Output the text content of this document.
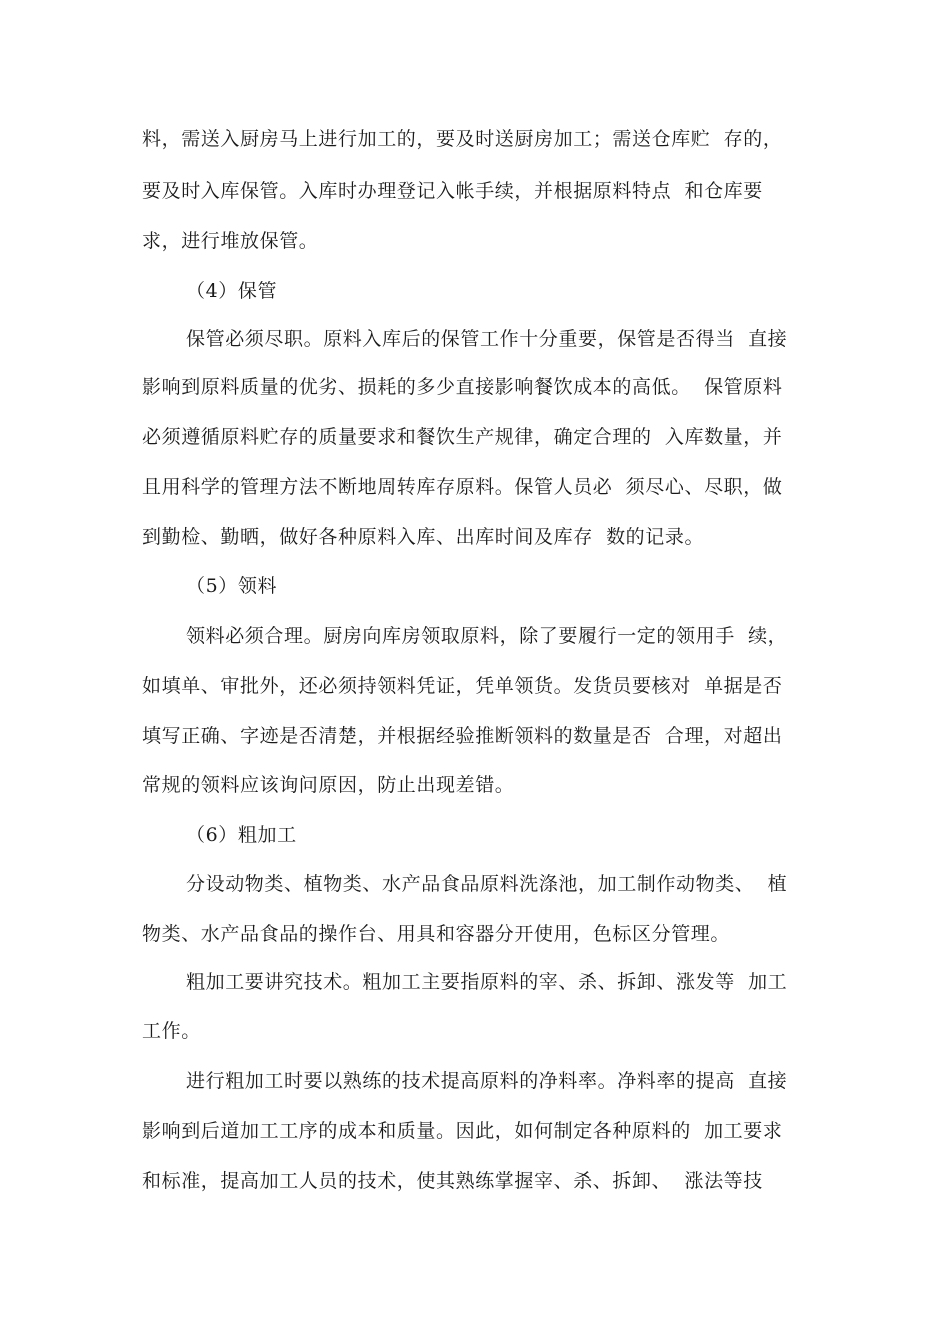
料，需送入厨房马上进行加工的，要及时送厨房加工；需送仓库贮  存的，
要及时入库保管。入库时办理登记入帐手续，并根据原料特点  和仓库要
求，进行堆放保管。
（4）保管
保管必须尽职。原料入库后的保管工作十分重要，保管是否得当  直接
影响到原料质量的优劣、损耗的多少直接影响餐饮成本的高低。  保管原料
必须遵循原料贮存的质量要求和餐饮生产规律，确定合理的  入库数量，并
且用科学的管理方法不断地周转库存原料。保管人员必  须尽心、尽职，做
到勤检、勤晒，做好各种原料入库、出库时间及库存  数的记录。
（5）领料
领料必须合理。厨房向库房领取原料，除了要履行一定的领用手  续，
如填单、审批外，还必须持领料凭证，凭单领货。发货员要核对  单据是否
填写正确、字迹是否清楚，并根据经验推断领料的数量是否  合理，对超出
常规的领料应该询问原因，防止出现差错。
（6）粗加工
分设动物类、植物类、水产品食品原料洗涤池，加工制作动物类、  植
物类、水产品食品的操作台、用具和容器分开使用，色标区分管理。
粗加工要讲究技术。粗加工主要指原料的宰、杀、拆卸、涨发等  加工
工作。
进行粗加工时要以熟练的技术提高原料的净料率。净料率的提高  直接
影响到后道加工工序的成本和质量。因此，如何制定各种原料的  加工要求
和标准，提高加工人员的技术，使其熟练掌握宰、杀、拆卸、  涨法等技
